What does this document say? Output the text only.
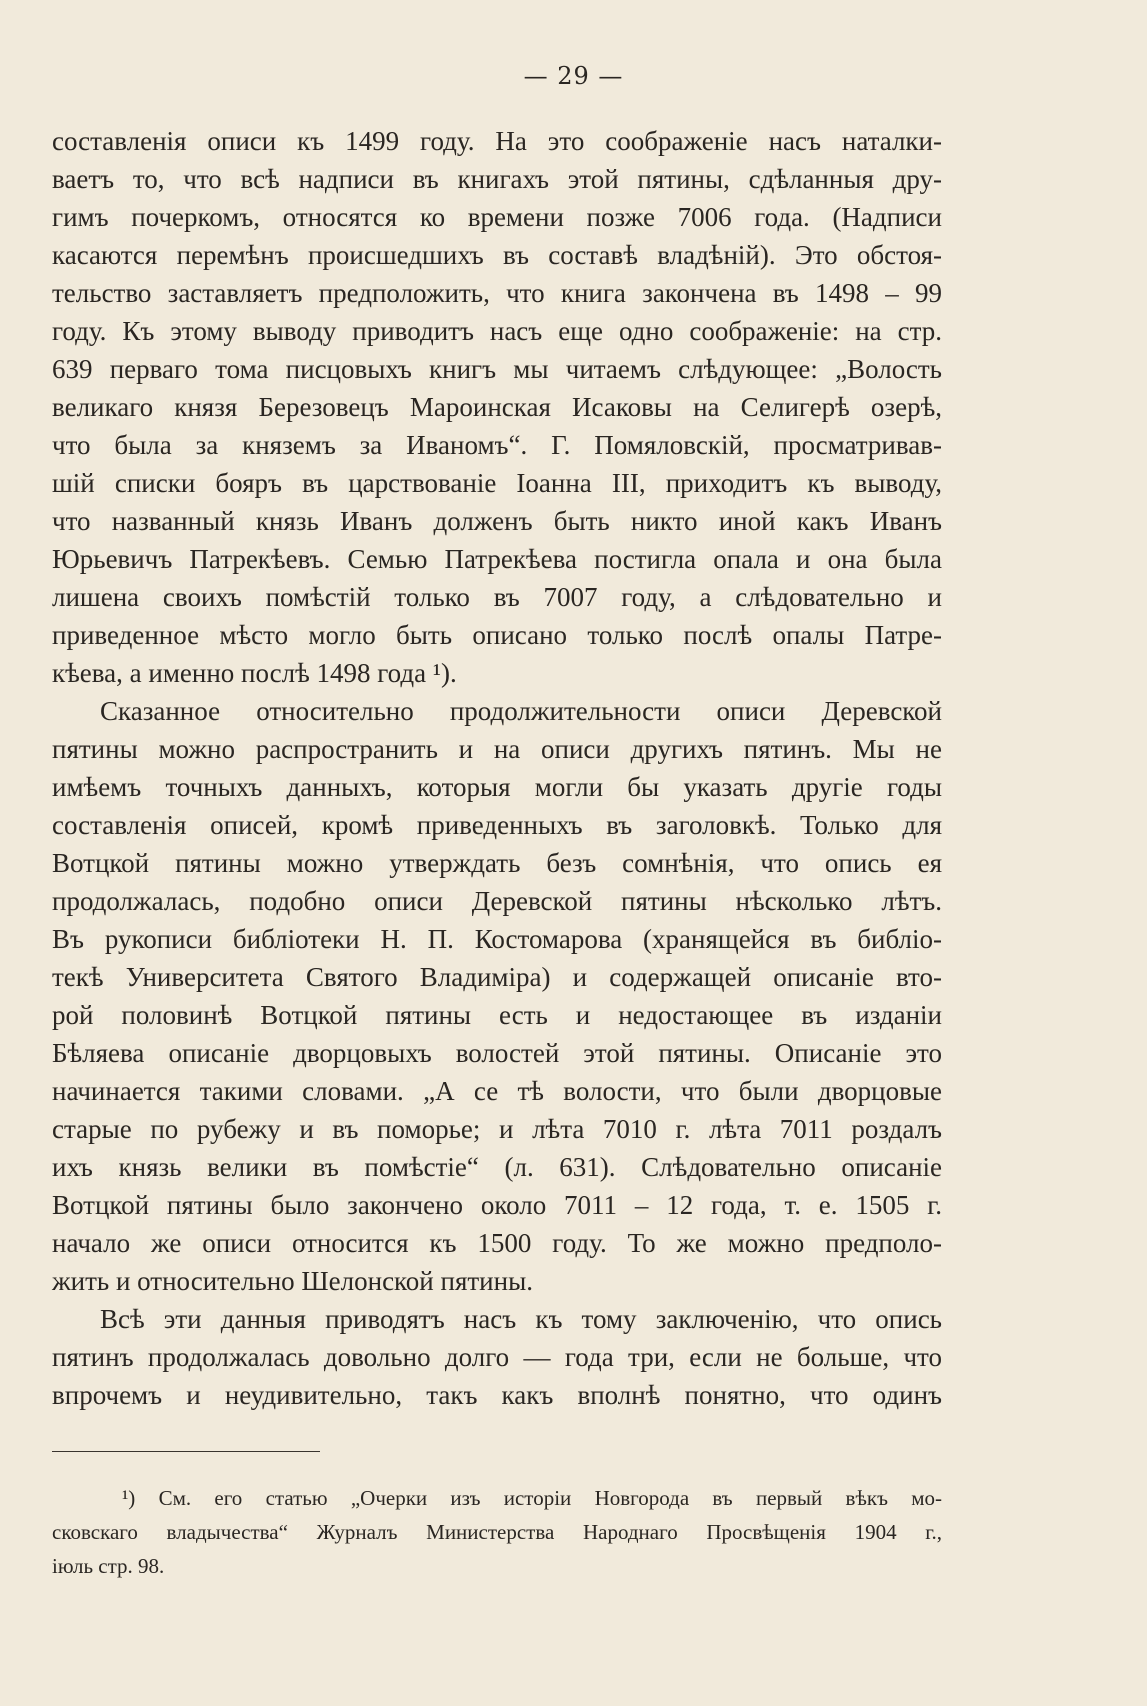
— 29 —
составленія описи къ 1499 году. На это соображеніе насъ наталки-
ваетъ то, что всѣ надписи въ книгахъ этой пятины, сдѣланныя дру-
гимъ почеркомъ, относятся ко времени позже 7006 года. (Надписи
касаются перемѣнъ происшедшихъ въ составѣ владѣній). Это обстоя-
тельство заставляетъ предположить, что книга закончена въ 1498 – 99
году. Къ этому выводу приводитъ насъ еще одно соображеніе: на стр.
639 перваго тома писцовыхъ книгъ мы читаемъ слѣдующее: „Волость
великаго князя Березовецъ Мароинская Исаковы на Селигерѣ озерѣ,
что была за княземъ за Иваномъ“. Г. Помяловскій, просматривав-
шій списки бояръ въ царствованіе Іоанна III, приходитъ къ выводу,
что названный князь Иванъ долженъ быть никто иной какъ Иванъ
Юрьевичъ Патрекѣевъ. Семью Патрекѣева постигла опала и она была
лишена своихъ помѣстій только въ 7007 году, а слѣдовательно и
приведенное мѣсто могло быть описано только послѣ опалы Патре-
кѣева, а именно послѣ 1498 года ¹).
Сказанное относительно продолжительности описи Деревской
пятины можно распространить и на описи другихъ пятинъ. Мы не
имѣемъ точныхъ данныхъ, которыя могли бы указать другіе годы
составленія описей, кромѣ приведенныхъ въ заголовкѣ. Только для
Вотцкой пятины можно утверждать безъ сомнѣнія, что опись ея
продолжалась, подобно описи Деревской пятины нѣсколько лѣтъ.
Въ рукописи библіотеки Н. П. Костомарова (хранящейся въ библіо-
текѣ Университета Святого Владиміра) и содержащей описаніе вто-
рой половинѣ Вотцкой пятины есть и недостающее въ изданіи
Бѣляева описаніе дворцовыхъ волостей этой пятины. Описаніе это
начинается такими словами. „А се тѣ волости, что были дворцовые
старые по рубежу и въ поморье; и лѣта 7010 г. лѣта 7011 роздалъ
ихъ князь велики въ помѣстіе“ (л. 631). Слѣдовательно описаніе
Вотцкой пятины было закончено около 7011 – 12 года, т. е. 1505 г.
начало же описи относится къ 1500 году. То же можно предполо-
жить и относительно Шелонской пятины.
Всѣ эти данныя приводятъ насъ къ тому заключенію, что опись
пятинъ продолжалась довольно долго — года три, если не больше, что
впрочемъ и неудивительно, такъ какъ вполнѣ понятно, что одинъ
¹) См. его статью „Очерки изъ исторіи Новгорода въ первый вѣкъ мо-
сковскаго владычества“ Журналъ Министерства Народнаго Просвѣщенія 1904 г.,
іюль стр. 98.
